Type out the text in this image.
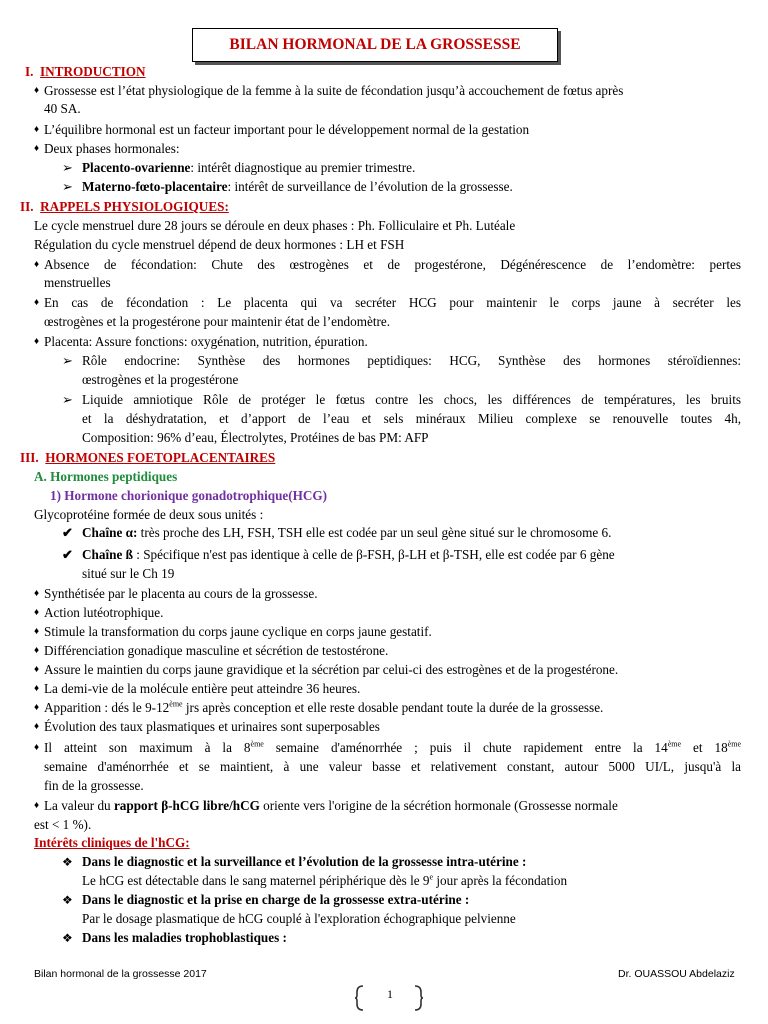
BILAN HORMONAL DE LA GROSSESSE
I. INTRODUCTION
♦ Grossesse est l’état physiologique de la femme à la suite de fécondation jusqu’à accouchement de fœtus après
40 SA.
♦ L’équilibre hormonal est un facteur important pour le développement normal de la gestation
♦ Deux phases hormonales:
➢ Placento-ovarienne: intérêt diagnostique au premier trimestre.
➢ Materno-fœto-placentaire: intérêt de surveillance de l’évolution de la grossesse.
II. RAPPELS PHYSIOLOGIQUES:
Le cycle menstruel dure 28 jours se déroule en deux phases : Ph. Folliculaire et Ph. Lutéale
Régulation du cycle menstruel dépend de deux hormones : LH et FSH
♦ Absence de fécondation: Chute des œstrogènes et de progestérone, Dégénérescence de l’endomètre: pertes
menstruelles
♦ En cas de fécondation : Le placenta qui va secréter HCG pour maintenir le corps jaune à secréter les
œstrogènes et la progestérone pour maintenir état de l’endomètre.
♦ Placenta: Assure fonctions: oxygénation, nutrition, épuration.
➢ Rôle endocrine: Synthèse des hormones peptidiques: HCG, Synthèse des hormones stéroïdiennes:
œstrogènes et la progestérone
➢ Liquide amniotique Rôle de protéger le fœtus contre les chocs, les différences de températures, les bruits
et la déshydratation, et d’apport de l’eau et sels minéraux Milieu complexe se renouvelle toutes 4h,
Composition: 96% d’eau, Électrolytes, Protéines de bas PM: AFP
III. HORMONES FOETOPLACENTAIRES
A. Hormones peptidiques
1) Hormone chorionique gonadotrophique(HCG)
Glycoprotéine formée de deux sous unités :
✔ Chaîne α: très proche des LH, FSH, TSH elle est codée par un seul gène situé sur le chromosome 6.
✔ Chaîne ß : Spécifique n'est pas identique à celle de β-FSH, β-LH et β-TSH, elle est codée par 6 gène
situé sur le Ch 19
♦ Synthétisée par le placenta au cours de la grossesse.
♦ Action lutéotrophique.
♦ Stimule la transformation du corps jaune cyclique en corps jaune gestatif.
♦ Différenciation gonadique masculine et sécrétion de testostérone.
♦ Assure le maintien du corps jaune gravidique et la sécrétion par celui-ci des estrogènes et de la progestérone.
♦ La demi-vie de la molécule entière peut atteindre 36 heures.
♦ Apparition : dés le 9-12ème jrs après conception et elle reste dosable pendant toute la durée de la grossesse.
♦ Évolution des taux plasmatiques et urinaires sont superposables
♦ Il atteint son maximum à la 8ème semaine d'aménorrhée ; puis il chute rapidement entre la 14ème et 18ème
semaine d'aménorrhée et se maintient, à une valeur basse et relativement constant, autour 5000 UI/L, jusqu'à la
fin de la grossesse.
♦ La valeur du rapport β-hCG libre/hCG oriente vers l'origine de la sécrétion hormonale (Grossesse normale
est < 1 %).
Intérêts cliniques de l'hCG:
❖ Dans le diagnostic et la surveillance et l’évolution de la grossesse intra-utérine :
Le hCG est détectable dans le sang maternel périphérique dès le 9e jour après la fécondation
❖ Dans le diagnostic et la prise en charge de la grossesse extra-utérine :
Par le dosage plasmatique de hCG couplé à l'exploration échographique pelvienne
❖ Dans les maladies trophoblastiques :
Bilan hormonal de la grossesse 2017	Dr. OUASSOU Abdelaziz
1
